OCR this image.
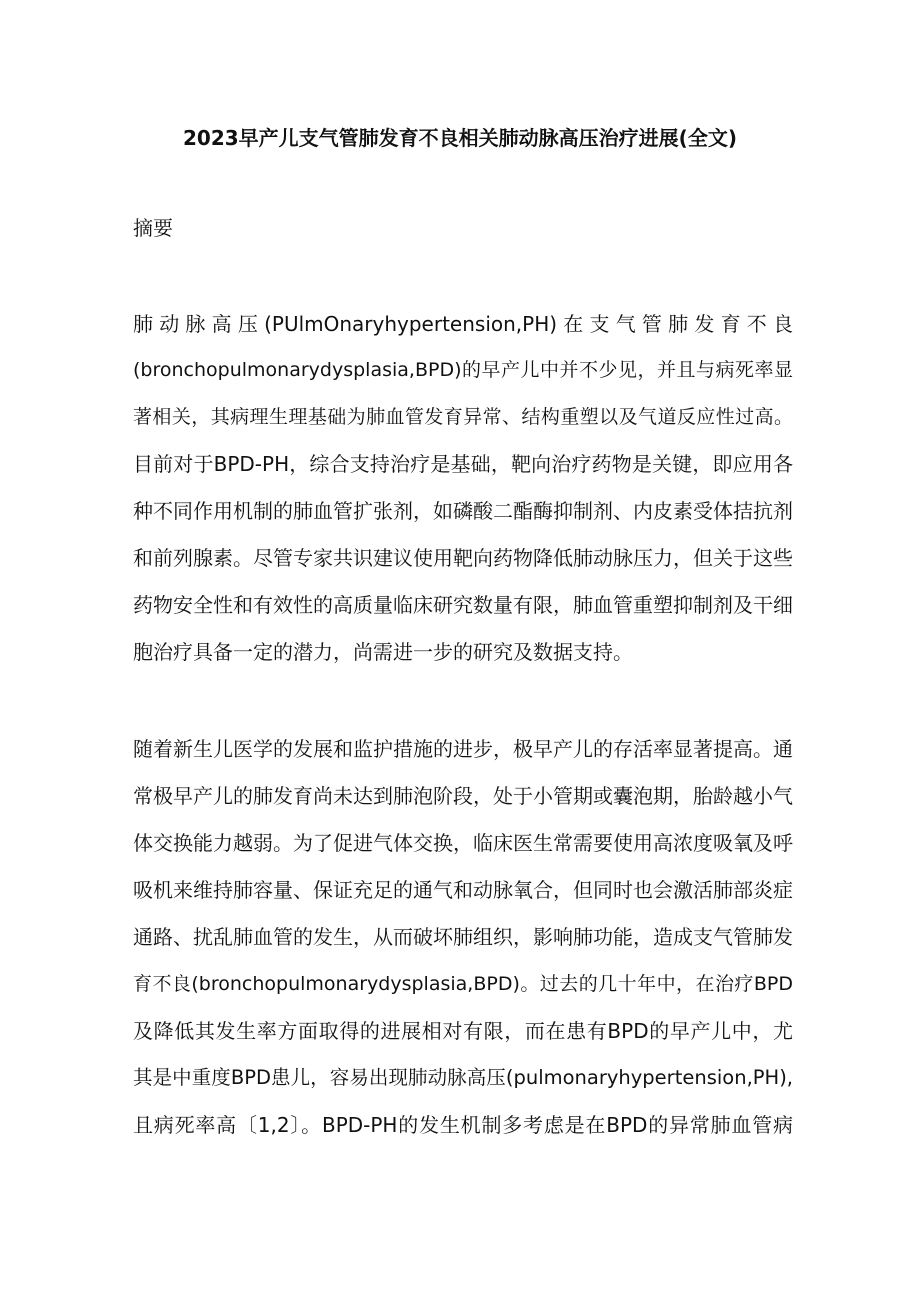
2023早产儿支气管肺发育不良相关肺动脉高压治疗进展(全文)

摘要

肺动脉高压(PUlmOnaryhypertension,PH)在支气管肺发育不良

(bronchopulmonarydysplasia,BPD)的早产儿中并不少见，并且与病死率显

著相关，其病理生理基础为肺血管发育异常、结构重塑以及气道反应性过高。

目前对于BPD-PH，综合支持治疗是基础，靶向治疗药物是关键，即应用各

种不同作用机制的肺血管扩张剂，如磷酸二酯酶抑制剂、内皮素受体拮抗剂

和前列腺素。尽管专家共识建议使用靶向药物降低肺动脉压力，但关于这些

药物安全性和有效性的高质量临床研究数量有限，肺血管重塑抑制剂及干细

胞治疗具备一定的潜力，尚需进一步的研究及数据支持。

随着新生儿医学的发展和监护措施的进步，极早产儿的存活率显著提高。通

常极早产儿的肺发育尚未达到肺泡阶段，处于小管期或囊泡期，胎龄越小气

体交换能力越弱。为了促进气体交换，临床医生常需要使用高浓度吸氧及呼

吸机来维持肺容量、保证充足的通气和动脉氧合，但同时也会激活肺部炎症

通路、扰乱肺血管的发生，从而破坏肺组织，影响肺功能，造成支气管肺发

育不良(bronchopulmonarydysplasia,BPD)。过去的几十年中，在治疗BPD

及降低其发生率方面取得的进展相对有限，而在患有BPD的早产儿中，尤

其是中重度BPD患儿，容易出现肺动脉高压(pulmonaryhypertension,PH),

且病死率高〔1,2〕。BPD-PH的发生机制多考虑是在BPD的异常肺血管病
